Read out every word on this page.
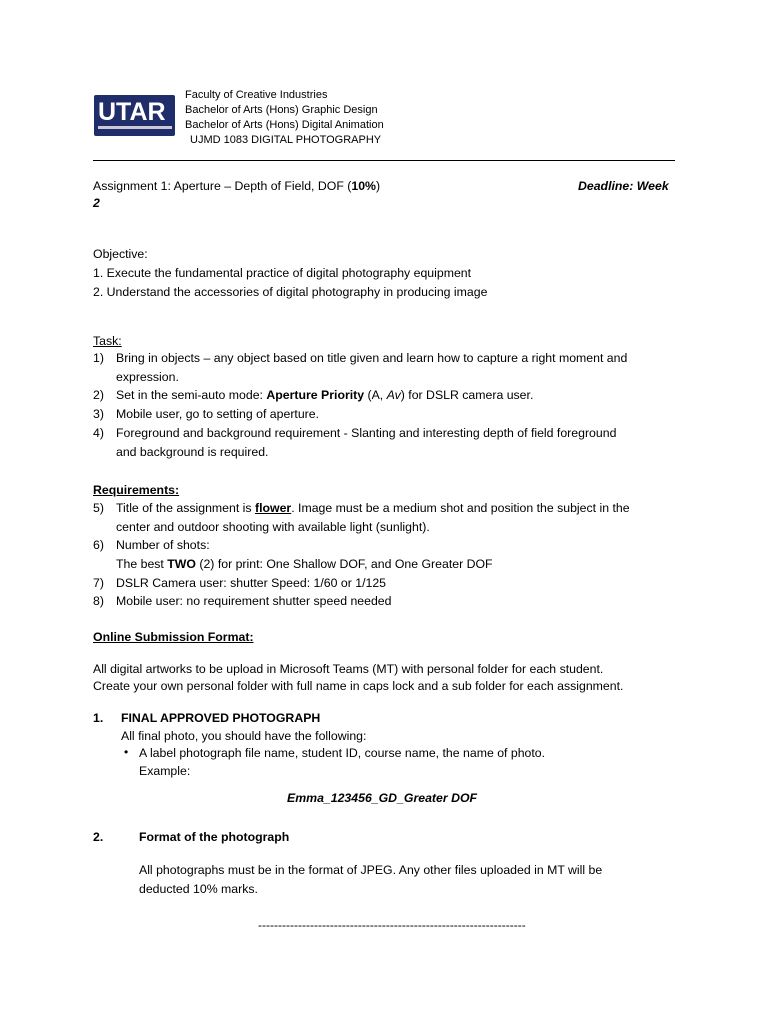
UTAR
Faculty of Creative Industries
Bachelor of Arts (Hons) Graphic Design
Bachelor of Arts (Hons) Digital Animation
UJMD 1083 DIGITAL PHOTOGRAPHY
Assignment 1: Aperture – Depth of Field, DOF (10%)	Deadline: Week
2
Objective:
1. Execute the fundamental practice of digital photography equipment
2. Understand the accessories of digital photography in producing image
Task:
1) Bring in objects – any object based on title given and learn how to capture a right moment and
expression.
2) Set in the semi-auto mode: Aperture Priority (A, Av) for DSLR camera user.
3) Mobile user, go to setting of aperture.
4) Foreground and background requirement - Slanting and interesting depth of field foreground
and background is required.
Requirements:
5) Title of the assignment is flower. Image must be a medium shot and position the subject in the
center and outdoor shooting with available light (sunlight).
6) Number of shots:
The best TWO (2) for print: One Shallow DOF, and One Greater DOF
7) DSLR Camera user: shutter Speed: 1/60 or 1/125
8) Mobile user: no requirement shutter speed needed
Online Submission Format:
All digital artworks to be upload in Microsoft Teams (MT) with personal folder for each student.
Create your own personal folder with full name in caps lock and a sub folder for each assignment.
1. FINAL APPROVED PHOTOGRAPH
All final photo, you should have the following:
• A label photograph file name, student ID, course name, the name of photo.
Example:
Emma_123456_GD_Greater DOF
2.	Format of the photograph
All photographs must be in the format of JPEG. Any other files uploaded in MT will be
deducted 10% marks.
-------------------------------------------------------------------
